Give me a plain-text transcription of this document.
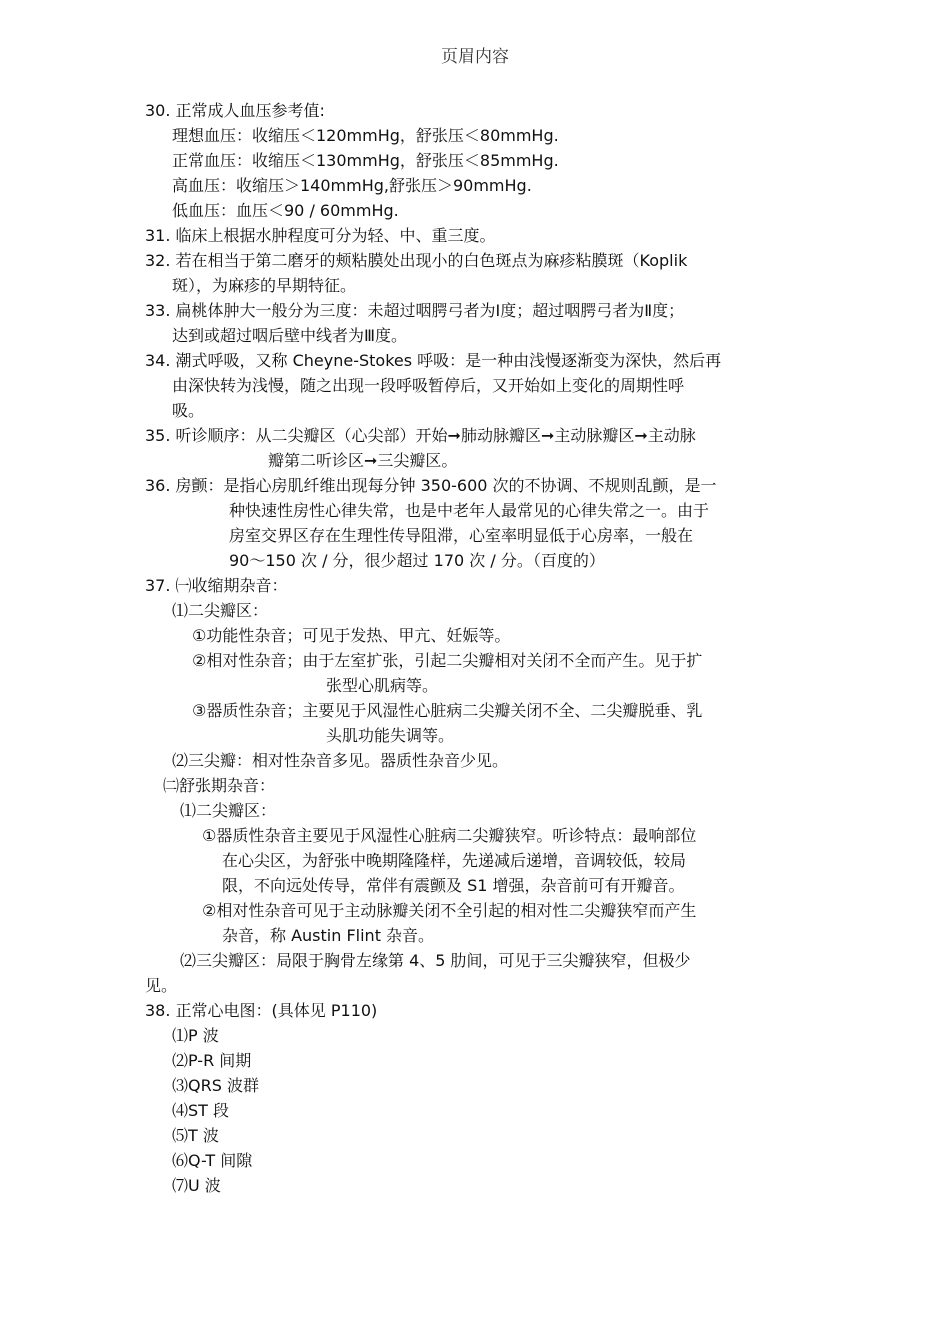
页眉内容
30. 正常成人血压参考值:
理想血压：收缩压＜120mmHg，舒张压＜80mmHg.
正常血压：收缩压＜130mmHg，舒张压＜85mmHg.
高血压：收缩压＞140mmHg,舒张压＞90mmHg.
低血压：血压＜90 / 60mmHg.
31. 临床上根据水肿程度可分为轻、中、重三度。
32. 若在相当于第二磨牙的颊粘膜处出现小的白色斑点为麻疹粘膜斑（Koplik
斑），为麻疹的早期特征。
33. 扁桃体肿大一般分为三度：未超过咽腭弓者为Ⅰ度；超过咽腭弓者为Ⅱ度；
达到或超过咽后壁中线者为Ⅲ度。
34. 潮式呼吸，又称 Cheyne-Stokes 呼吸：是一种由浅慢逐渐变为深快，然后再
由深快转为浅慢，随之出现一段呼吸暂停后，又开始如上变化的周期性呼
吸。
35. 听诊顺序：从二尖瓣区（心尖部）开始➞肺动脉瓣区➞主动脉瓣区➞主动脉
瓣第二听诊区➞三尖瓣区。
36. 房颤：是指心房肌纤维出现每分钟 350-600 次的不协调、不规则乱颤，是一
种快速性房性心律失常，也是中老年人最常见的心律失常之一。由于
房室交界区存在生理性传导阻滞，心室率明显低于心房率，一般在
90～150 次 / 分，很少超过 170 次 / 分。（百度的）
37. ㈠收缩期杂音：
⑴二尖瓣区：
①功能性杂音；可见于发热、甲亢、妊娠等。
②相对性杂音；由于左室扩张，引起二尖瓣相对关闭不全而产生。见于扩
张型心肌病等。
③器质性杂音；主要见于风湿性心脏病二尖瓣关闭不全、二尖瓣脱垂、乳
头肌功能失调等。
⑵三尖瓣：相对性杂音多见。器质性杂音少见。
㈡舒张期杂音：
⑴二尖瓣区：
①器质性杂音主要见于风湿性心脏病二尖瓣狭窄。听诊特点：最响部位
在心尖区，为舒张中晚期隆隆样，先递减后递增，音调较低，较局
限，不向远处传导，常伴有震颤及 S1 增强，杂音前可有开瓣音。
②相对性杂音可见于主动脉瓣关闭不全引起的相对性二尖瓣狭窄而产生
杂音，称 Austin Flint 杂音。
⑵三尖瓣区：局限于胸骨左缘第 4、5 肋间，可见于三尖瓣狭窄，但极少
见。
38. 正常心电图：(具体见 P110)
⑴P 波
⑵P-R 间期
⑶QRS 波群
⑷ST 段
⑸T 波
⑹Q-T 间隙
⑺U 波
